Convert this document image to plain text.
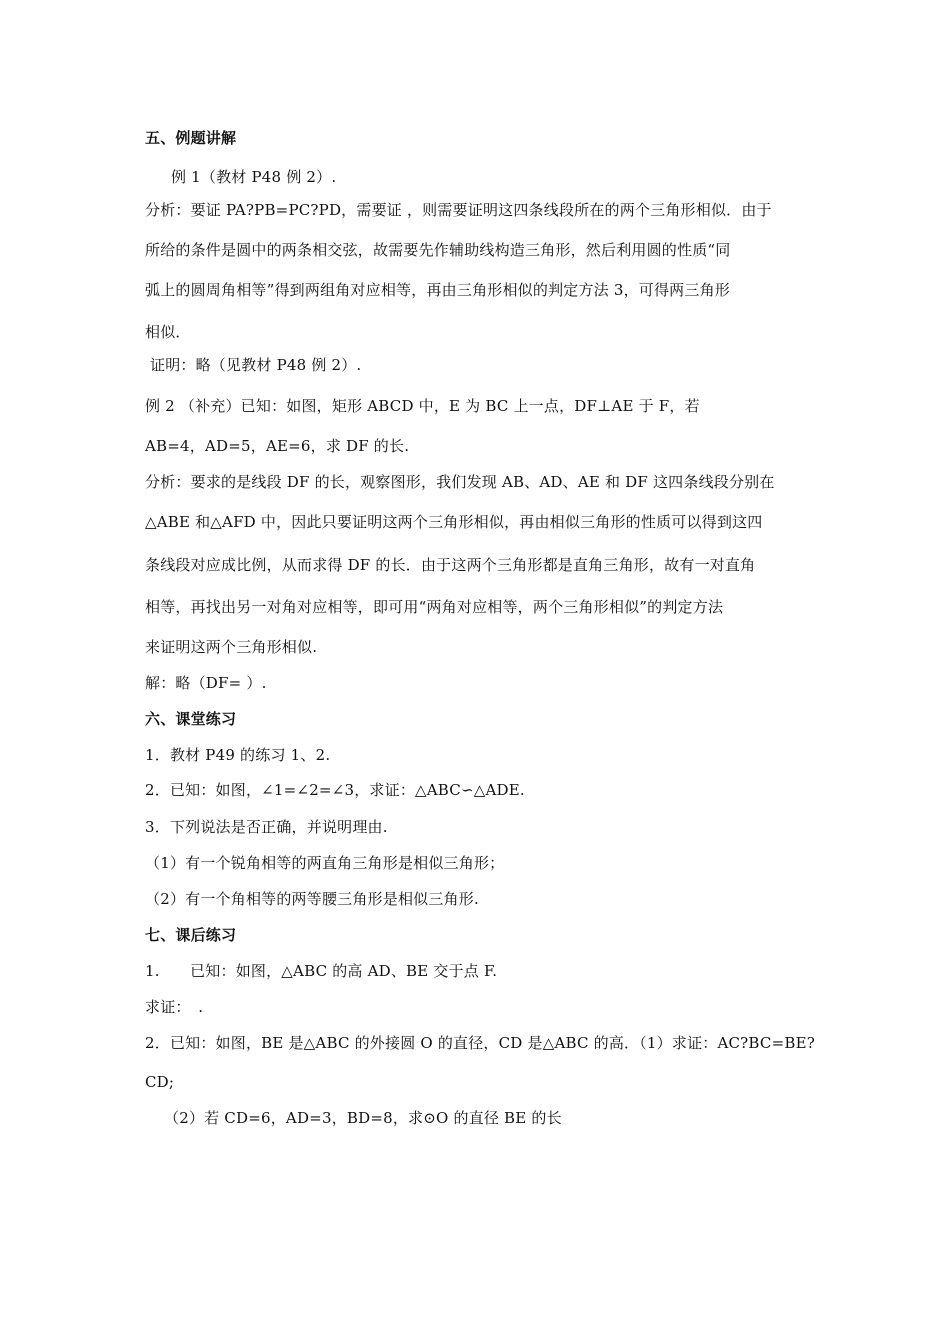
五、例题讲解
例 1（教材 P48 例 2）.
分析：要证 PA?PB=PC?PD，需要证 ，则需要证明这四条线段所在的两个三角形相似．由于
所给的条件是圆中的两条相交弦，故需要先作辅助线构造三角形，然后利用圆的性质“同
弧上的圆周角相等”得到两组角对应相等，再由三角形相似的判定方法 3，可得两三角形
相似．
证明：略（见教材 P48 例 2）.
例 2 （补充）已知：如图，矩形 ABCD 中，E 为 BC 上一点，DF⊥AE 于 F，若
AB=4，AD=5，AE=6，求 DF 的长.
分析：要求的是线段 DF 的长，观察图形，我们发现 AB、AD、AE 和 DF 这四条线段分别在
△ABE 和△AFD 中，因此只要证明这两个三角形相似，再由相似三角形的性质可以得到这四
条线段对应成比例，从而求得 DF 的长．由于这两个三角形都是直角三角形，故有一对直角
相等，再找出另一对角对应相等，即可用“两角对应相等，两个三角形相似”的判定方法
来证明这两个三角形相似.
解：略（DF= ）.
六、课堂练习
1．教材 P49 的练习 1、2.
2．已知：如图，∠1=∠2=∠3，求证：△ABC∽△ADE.
3．下列说法是否正确，并说明理由.
（1）有一个锐角相等的两直角三角形是相似三角形；
（2）有一个角相等的两等腰三角形是相似三角形.
七、课后练习
1.　　已知：如图，△ABC 的高 AD、BE 交于点 F.
求证：　.
2．已知：如图，BE 是△ABC 的外接圆 O 的直径，CD 是△ABC 的高．（1）求证：AC?BC=BE?
CD;
（2）若 CD=6，AD=3，BD=8，求⊙O 的直径 BE 的长
